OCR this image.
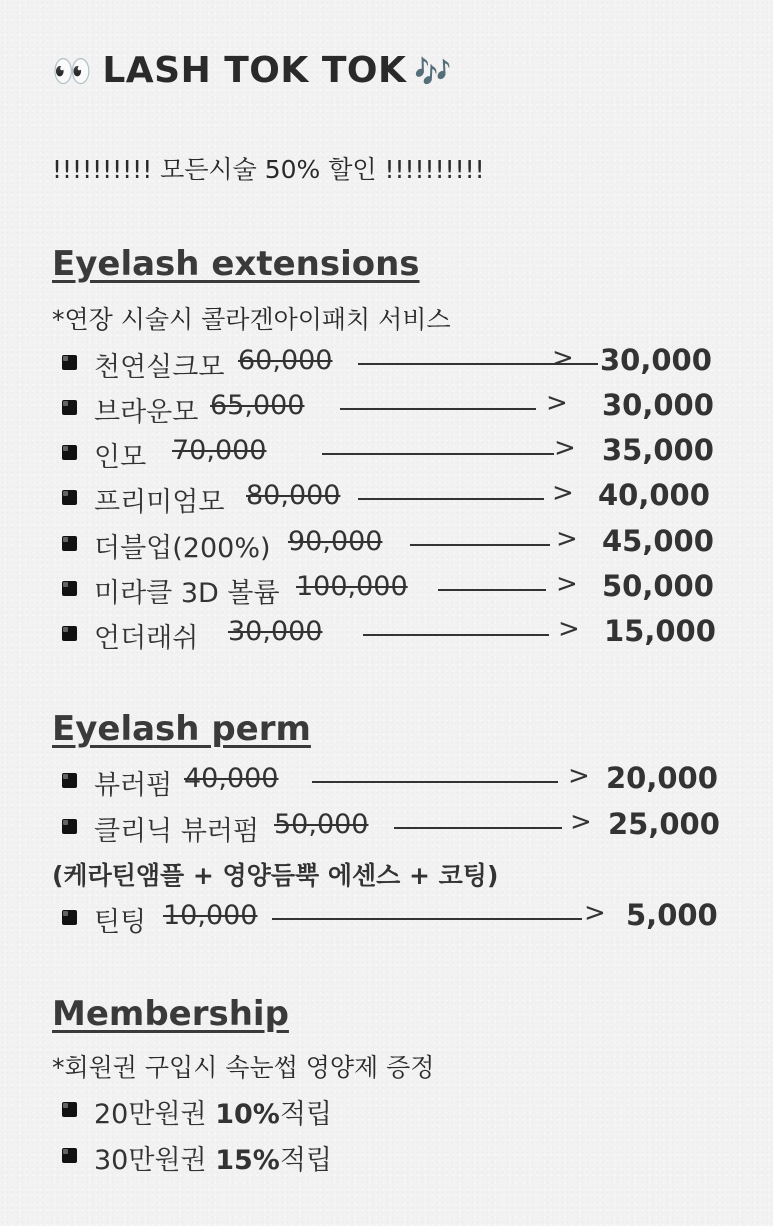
👀 LASH TOK TOK 🎶
!!!!!!!!!! 모든시술 50% 할인 !!!!!!!!!!
Eyelash extensions
*연장 시술시 콜라겐아이패치 서비스
천연실크모 60,000	> 30,000
브라운모 65,000	> 30,000
인모 70,000	> 35,000
프리미엄모 80,000	> 40,000
더블업(200%) 90,000	> 45,000
미라클 3D 볼륨 100,000	> 50,000
언더래쉬 30,000	> 15,000
Eyelash perm
뷰러펌 40,000	> 20,000
클리닉 뷰러펌 50,000	> 25,000
(케라틴앰플 + 영양듬뿍 에센스 + 코팅)
틴팅 10,000	> 5,000
Membership
*회원권 구입시 속눈썹 영양제 증정
20만원권 10%적립
30만원권 15%적립
